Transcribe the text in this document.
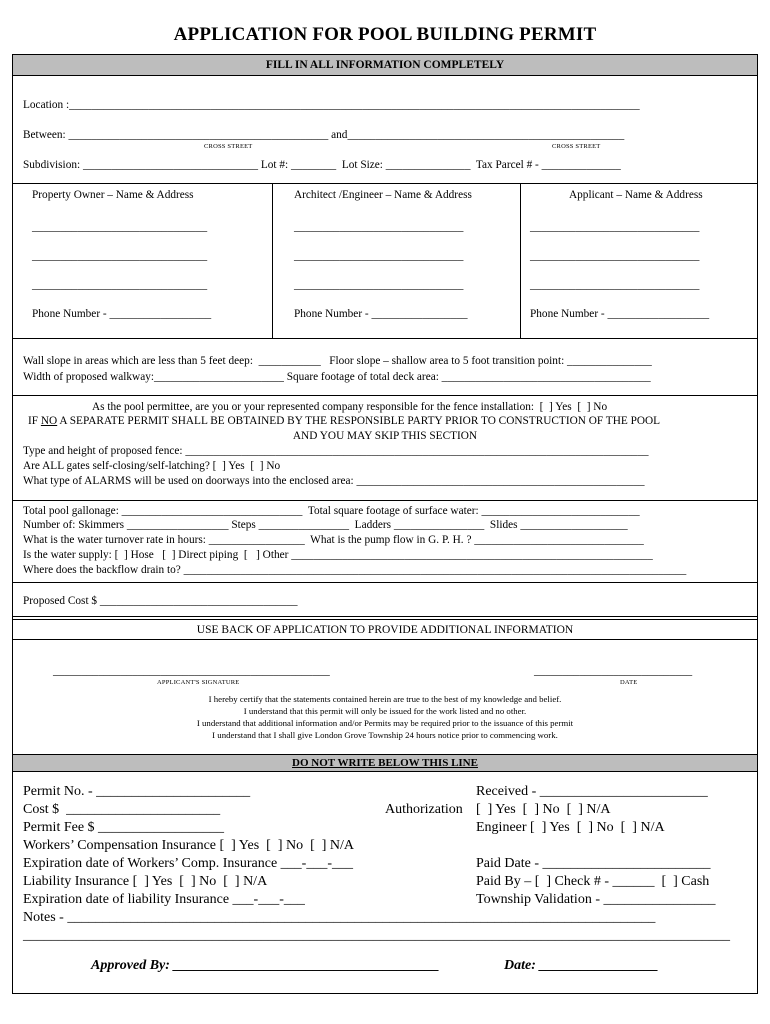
APPLICATION FOR POOL BUILDING PERMIT
FILL IN ALL INFORMATION COMPLETELY
Location :_____________________________________________________________________________________________________
Between: ______________________________________________ and_________________________________________________
CROSS STREET	CROSS STREET
Subdivision: _______________________________ Lot #: ________  Lot Size: _______________  Tax Parcel # - ______________
Property Owner – Name & Address
_______________________________
_______________________________
_______________________________
Phone Number - __________________
Architect /Engineer – Name & Address
______________________________
______________________________
______________________________
Phone Number - _________________
Applicant – Name & Address
______________________________
______________________________
______________________________
Phone Number - __________________
Wall slope in areas which are less than 5 feet deep:  ___________   Floor slope – shallow area to 5 foot transition point: _______________
Width of proposed walkway:_______________________ Square footage of total deck area: _____________________________________
As the pool permittee, are you or your represented company responsible for the fence installation:  [  ] Yes  [  ] No
IF NO A SEPARATE PERMIT SHALL BE OBTAINED BY THE RESPONSIBLE PARTY PRIOR TO CONSTRUCTION OF THE POOL
AND YOU MAY SKIP THIS SECTION
Type and height of proposed fence: __________________________________________________________________________________
Are ALL gates self-closing/self-latching? [  ] Yes  [  ] No
What type of ALARMS will be used on doorways into the enclosed area: ___________________________________________________
Total pool gallonage: ________________________________  Total square footage of surface water: ____________________________
Number of: Skimmers __________________ Steps ________________  Ladders ________________  Slides ___________________
What is the water turnover rate in hours: _________________  What is the pump flow in G. P. H. ? ______________________________
Is the water supply: [  ] Hose   [  ] Direct piping  [   ] Other ________________________________________________________________
Where does the backflow drain to? _________________________________________________________________________________________
Proposed Cost $ ___________________________________
USE BACK OF APPLICATION TO PROVIDE ADDITIONAL INFORMATION
_________________________________________________
APPLICANT'S SIGNATURE
____________________________
DATE
I hereby certify that the statements contained herein are true to the best of my knowledge and belief.
I understand that this permit will only be issued for the work listed and no other.
I understand that additional information and/or Permits may be required prior to the issuance of this permit
I understand that I shall give London Grove Township 24 hours notice prior to commencing work.
DO NOT WRITE BELOW THIS LINE
Permit No. - ______________________
Cost $  ______________________
Permit Fee $ __________________
Workers’ Compensation Insurance [  ] Yes  [  ] No  [  ] N/A
Expiration date of Workers’ Comp. Insurance ___-___-___
Liability Insurance [  ] Yes  [  ] No  [  ] N/A
Expiration date of liability Insurance ___-___-___
Notes - ____________________________________________________________________________________
_____________________________________________________________________________________________________
Authorization
Received - ________________________
[  ] Yes  [  ] No  [  ] N/A
Engineer [  ] Yes  [  ] No  [  ] N/A
Paid Date - ________________________
Paid By – [  ] Check # - ______  [  ] Cash
Township Validation - ________________
Approved By: ______________________________________	Date: _________________
